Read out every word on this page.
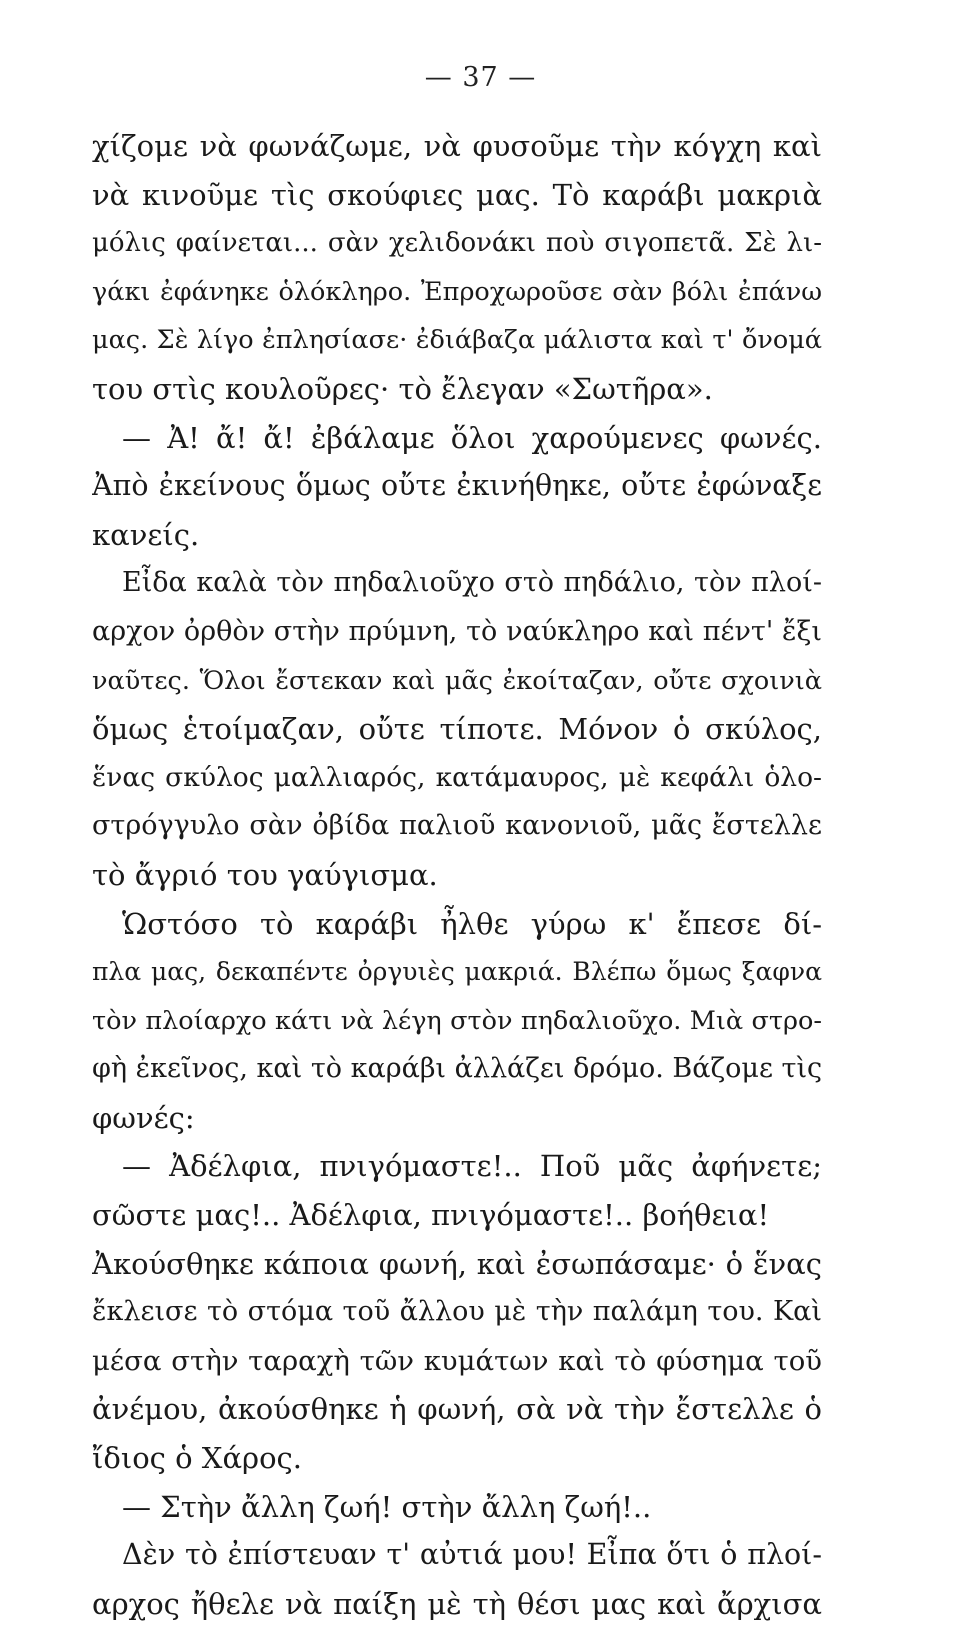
— 37 —
χίζομε νὰ φωνάζωμε, νὰ φυσοῦμε τὴν κόγχη καὶ
νὰ κινοῦμε τὶς σκούφιες μας. Τὸ καράβι μακριὰ
μόλις φαίνεται... σὰν χελιδονάκι ποὺ σιγοπετᾶ. Σὲ λι-
γάκι ἐφάνηκε ὁλόκληρο. Ἐπροχωροῦσε σὰν βόλι ἐπάνω
μας. Σὲ λίγο ἐπλησίασε· ἐδιάβαζα μάλιστα καὶ τ' ὄνομά
του στὶς κουλοῦρες· τὸ ἔλεγαν «Σωτῆρα».
— Ἀ! ἄ! ἄ! ἐβάλαμε ὅλοι χαρούμενες φωνές.
Ἀπὸ ἐκείνους ὅμως οὔτε ἐκινήθηκε, οὔτε ἐφώναξε
κανείς.
Εἶδα καλὰ τὸν πηδαλιοῦχο στὸ πηδάλιο, τὸν πλοί-
αρχον ὀρθὸν στὴν πρύμνη, τὸ ναύκληρο καὶ πέντ' ἔξι
ναῦτες. Ὅλοι ἔστεκαν καὶ μᾶς ἐκοίταζαν, οὔτε σχοινιὰ
ὅμως ἑτοίμαζαν, οὔτε τίποτε. Μόνον ὁ σκύλος,
ἕνας σκύλος μαλλιαρός, κατάμαυρος, μὲ κεφάλι ὁλο-
στρόγγυλο σὰν ὀβίδα παλιοῦ κανονιοῦ, μᾶς ἔστελλε
τὸ ἄγριό του γαύγισμα.
Ὡστόσο τὸ καράβι ἦλθε γύρω κ' ἔπεσε δί-
πλα μας, δεκαπέντε ὀργυιὲς μακριά. Βλέπω ὅμως ξαφνα
τὸν πλοίαρχο κάτι νὰ λέγη στὸν πηδαλιοῦχο. Μιὰ στρο-
φὴ ἐκεῖνος, καὶ τὸ καράβι ἀλλάζει δρόμο. Βάζομε τὶς
φωνές:
— Ἀδέλφια, πνιγόμαστε!.. Ποῦ μᾶς ἀφήνετε;
σῶστε μας!.. Ἀδέλφια, πνιγόμαστε!.. βοήθεια!
Ἀκούσθηκε κάποια φωνή, καὶ ἐσωπάσαμε· ὁ ἕνας
ἔκλεισε τὸ στόμα τοῦ ἄλλου μὲ τὴν παλάμη του. Καὶ
μέσα στὴν ταραχὴ τῶν κυμάτων καὶ τὸ φύσημα τοῦ
ἀνέμου, ἀκούσθηκε ἡ φωνή, σὰ νὰ τὴν ἔστελλε ὁ
ἴδιος ὁ Χάρος.
— Στὴν ἄλλη ζωή! στὴν ἄλλη ζωή!..
Δὲν τὸ ἐπίστευαν τ' αὐτιά μου! Εἶπα ὅτι ὁ πλοί-
αρχος ἤθελε νὰ παίξη μὲ τὴ θέσι μας καὶ ἄρχισα
